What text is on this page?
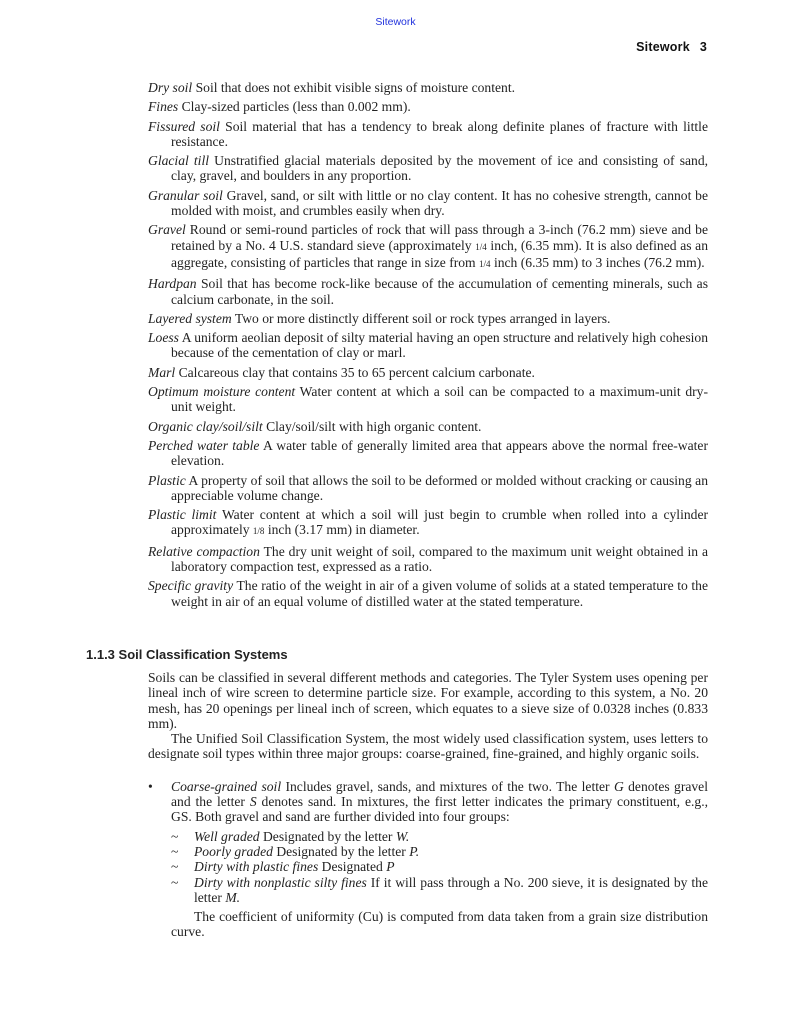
Sitework
Sitework 3
Dry soil Soil that does not exhibit visible signs of moisture content.
Fines Clay-sized particles (less than 0.002 mm).
Fissured soil Soil material that has a tendency to break along definite planes of fracture with little resistance.
Glacial till Unstratified glacial materials deposited by the movement of ice and consisting of sand, clay, gravel, and boulders in any proportion.
Granular soil Gravel, sand, or silt with little or no clay content. It has no cohesive strength, cannot be molded with moist, and crumbles easily when dry.
Gravel Round or semi-round particles of rock that will pass through a 3-inch (76.2 mm) sieve and be retained by a No. 4 U.S. standard sieve (approximately 1/4 inch, (6.35 mm). It is also defined as an aggregate, consisting of particles that range in size from 1/4 inch (6.35 mm) to 3 inches (76.2 mm).
Hardpan Soil that has become rock-like because of the accumulation of cementing minerals, such as calcium carbonate, in the soil.
Layered system Two or more distinctly different soil or rock types arranged in layers.
Loess A uniform aeolian deposit of silty material having an open structure and relatively high cohesion because of the cementation of clay or marl.
Marl Calcareous clay that contains 35 to 65 percent calcium carbonate.
Optimum moisture content Water content at which a soil can be compacted to a maximum-unit dry-unit weight.
Organic clay/soil/silt Clay/soil/silt with high organic content.
Perched water table A water table of generally limited area that appears above the normal free-water elevation.
Plastic A property of soil that allows the soil to be deformed or molded without cracking or causing an appreciable volume change.
Plastic limit Water content at which a soil will just begin to crumble when rolled into a cylinder approximately 1/8 inch (3.17 mm) in diameter.
Relative compaction The dry unit weight of soil, compared to the maximum unit weight obtained in a laboratory compaction test, expressed as a ratio.
Specific gravity The ratio of the weight in air of a given volume of solids at a stated temperature to the weight in air of an equal volume of distilled water at the stated temperature.
1.1.3 Soil Classification Systems

Soils can be classified in several different methods and categories. The Tyler System uses opening per lineal inch of wire screen to determine particle size. For example, according to this system, a No. 20 mesh, has 20 openings per lineal inch of screen, which equates to a sieve size of 0.0328 inches (0.833 mm).

The Unified Soil Classification System, the most widely used classification system, uses letters to designate soil types within three major groups: coarse-grained, fine-grained, and highly organic soils.

• Coarse-grained soil Includes gravel, sands, and mixtures of the two. The letter G denotes gravel and the letter S denotes sand. In mixtures, the first letter indicates the primary constituent, e.g., GS. Both gravel and sand are further divided into four groups:
~ Well graded Designated by the letter W.
~ Poorly graded Designated by the letter P.
~ Dirty with plastic fines Designated P
~ Dirty with nonplastic silty fines If it will pass through a No. 200 sieve, it is designated by the letter M.

The coefficient of uniformity (Cu) is computed from data taken from a grain size distribution curve.
